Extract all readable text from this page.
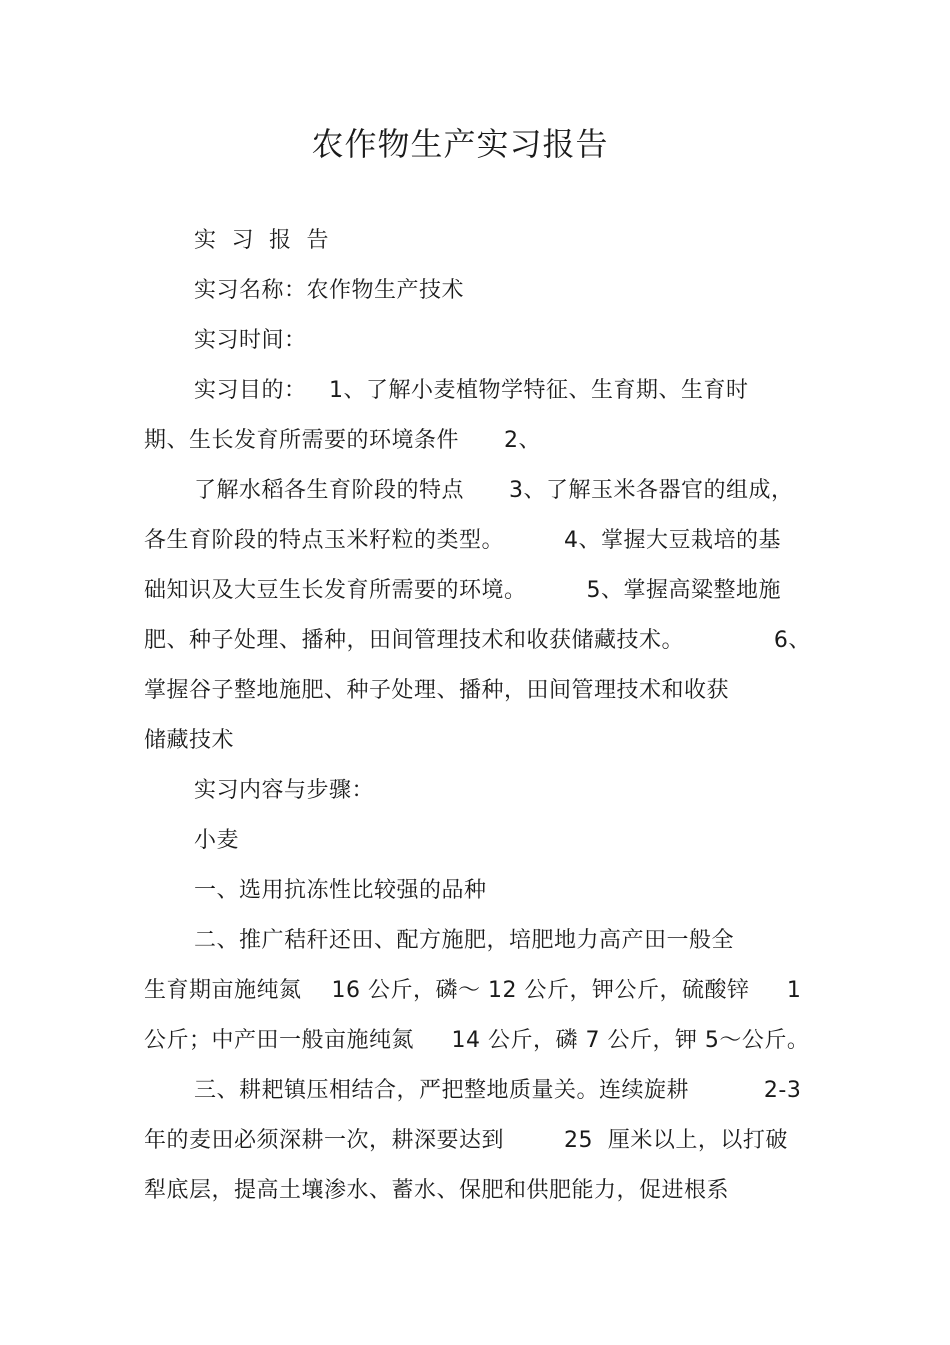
农作物生产实习报告
实  习  报  告
实习名称：农作物生产技术
实习时间：
实习目的：   1、了解小麦植物学特征、生育期、生育时
期、生长发育所需要的环境条件      2、
了解水稻各生育阶段的特点      3、了解玉米各器官的组成，
各生育阶段的特点玉米籽粒的类型。        4、掌握大豆栽培的基
础知识及大豆生长发育所需要的环境。        5、掌握高粱整地施
肥、种子处理、播种，田间管理技术和收获储藏技术。            6、
掌握谷子整地施肥、种子处理、播种，田间管理技术和收获
储藏技术
实习内容与步骤：
小麦
一、选用抗冻性比较强的品种
二、推广秸秆还田、配方施肥，培肥地力高产田一般全
生育期亩施纯氮    16 公斤，磷～ 12 公斤，钾公斤，硫酸锌     1
公斤；中产田一般亩施纯氮     14 公斤，磷 7 公斤，钾 5～公斤。
三、耕耙镇压相结合，严把整地质量关。连续旋耕          2-3
年的麦田必须深耕一次，耕深要达到        25  厘米以上，以打破
犁底层，提高土壤渗水、蓄水、保肥和供肥能力，促进根系
